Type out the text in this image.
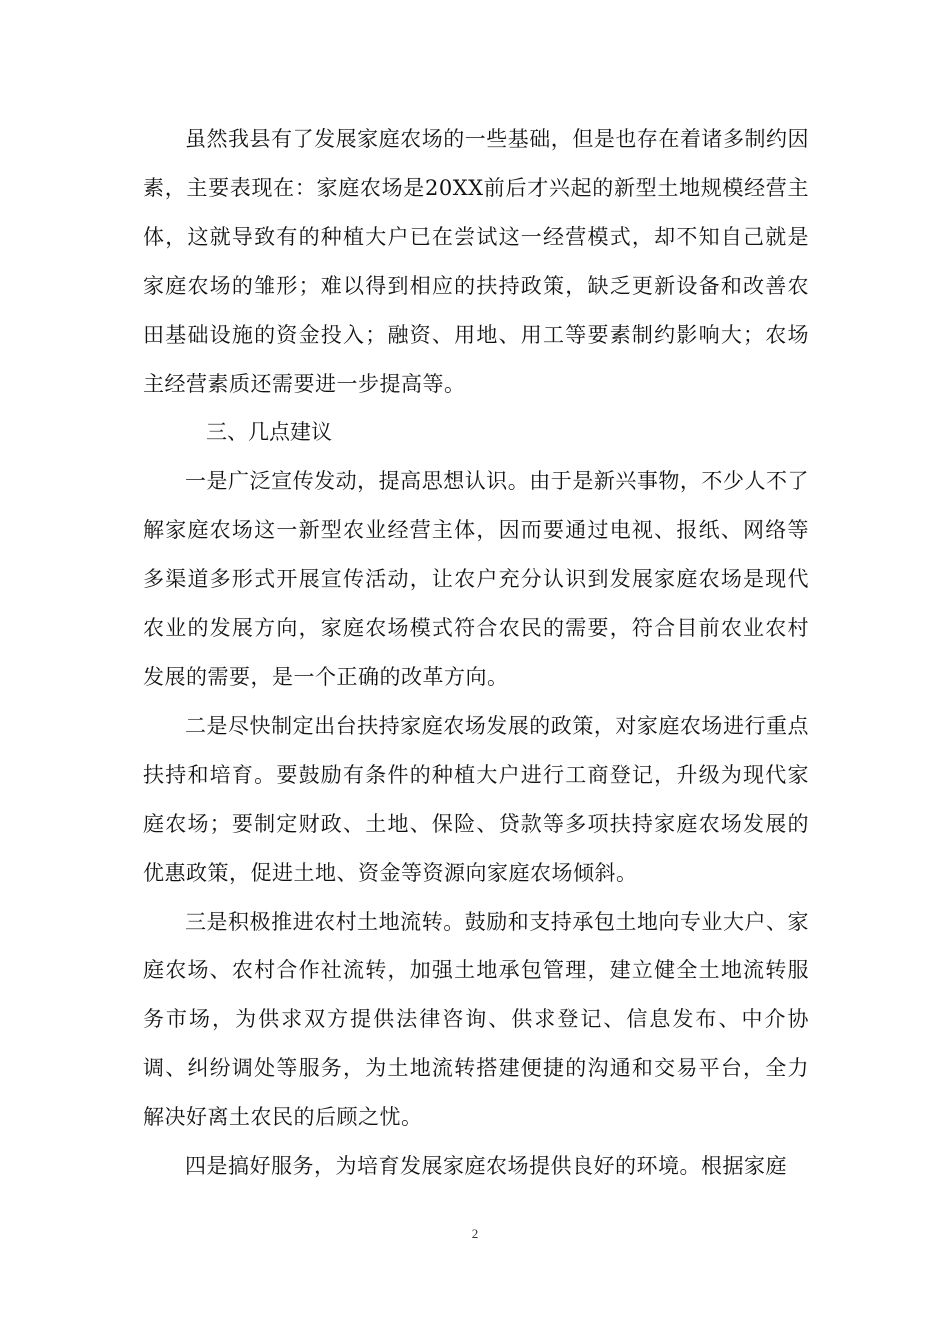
虽然我县有了发展家庭农场的一些基础，但是也存在着诸多制约因素，主要表现在：家庭农场是20XX前后才兴起的新型土地规模经营主体，这就导致有的种植大户已在尝试这一经营模式，却不知自己就是家庭农场的雏形；难以得到相应的扶持政策，缺乏更新设备和改善农田基础设施的资金投入；融资、用地、用工等要素制约影响大；农场主经营素质还需要进一步提高等。

三、几点建议

一是广泛宣传发动，提高思想认识。由于是新兴事物，不少人不了解家庭农场这一新型农业经营主体，因而要通过电视、报纸、网络等多渠道多形式开展宣传活动，让农户充分认识到发展家庭农场是现代农业的发展方向，家庭农场模式符合农民的需要，符合目前农业农村发展的需要，是一个正确的改革方向。

二是尽快制定出台扶持家庭农场发展的政策，对家庭农场进行重点扶持和培育。要鼓励有条件的种植大户进行工商登记，升级为现代家庭农场；要制定财政、土地、保险、贷款等多项扶持家庭农场发展的优惠政策，促进土地、资金等资源向家庭农场倾斜。

三是积极推进农村土地流转。鼓励和支持承包土地向专业大户、家庭农场、农村合作社流转，加强土地承包管理，建立健全土地流转服务市场，为供求双方提供法律咨询、供求登记、信息发布、中介协调、纠纷调处等服务，为土地流转搭建便捷的沟通和交易平台，全力解决好离土农民的后顾之忧。

四是搞好服务，为培育发展家庭农场提供良好的环境。根据家庭

2
